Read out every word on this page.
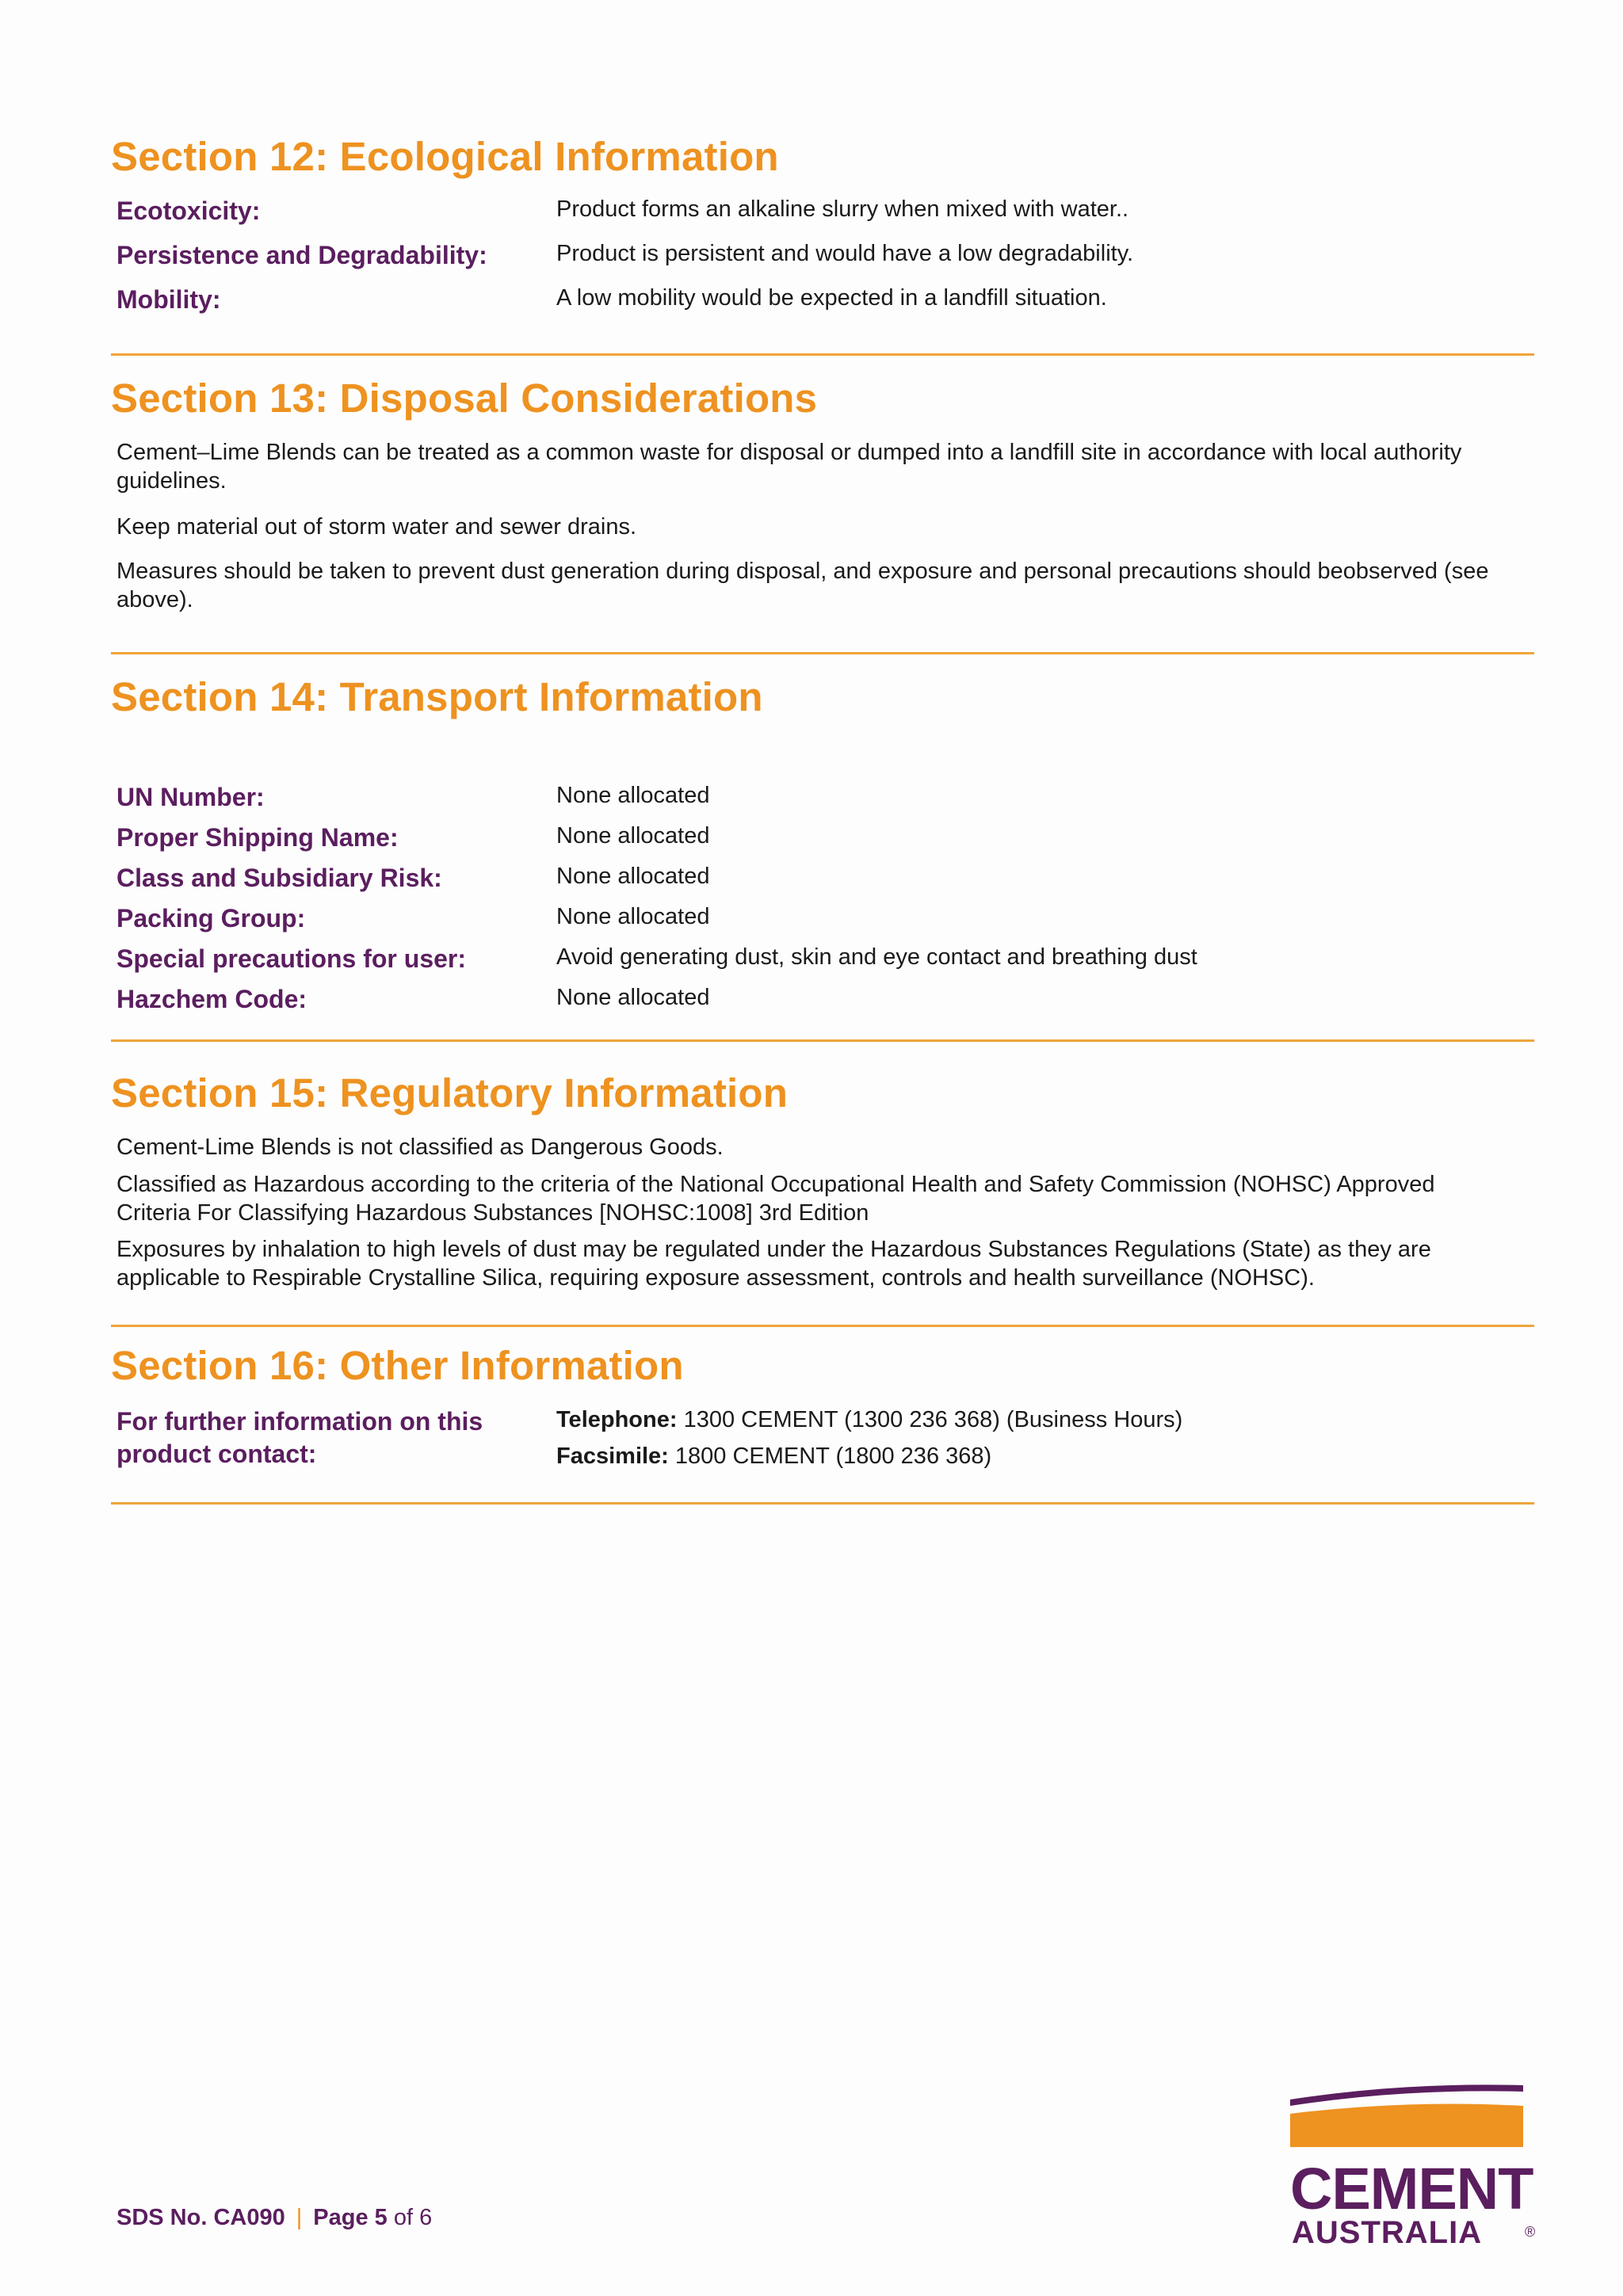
Section 12: Ecological Information
Ecotoxicity:	Product forms an alkaline slurry when mixed with water..
Persistence and Degradability:	Product is persistent and would have a low degradability.
Mobility:	A low mobility would be expected in a landfill situation.
Section 13: Disposal Considerations
Cement–Lime Blends can be treated as a common waste for disposal or dumped into a landfill site in accordance with local authority guidelines.
Keep material out of storm water and sewer drains.
Measures should be taken to prevent dust generation during disposal, and exposure and personal precautions should beobserved (see above).
Section 14: Transport Information
UN Number:	None allocated
Proper Shipping Name:	None allocated
Class and Subsidiary Risk:	None allocated
Packing Group:	None allocated
Special precautions for user:	Avoid generating dust, skin and eye contact and breathing dust
Hazchem Code:	None allocated
Section 15: Regulatory Information
Cement-Lime Blends is not classified as Dangerous Goods.
Classified as Hazardous according to the criteria of the National Occupational Health and Safety Commission (NOHSC) Approved Criteria For Classifying Hazardous Substances [NOHSC:1008] 3rd Edition
Exposures by inhalation to high levels of dust may be regulated under the Hazardous Substances Regulations (State) as they are applicable to Respirable Crystalline Silica, requiring exposure assessment, controls and health surveillance (NOHSC).
Section 16: Other Information
For further information on this product contact:
Telephone: 1300 CEMENT (1300 236 368) (Business Hours)
Facsimile: 1800 CEMENT (1800 236 368)
SDS No. CA090 | Page 5 of 6	CEMENT
AUSTRALIA	®
